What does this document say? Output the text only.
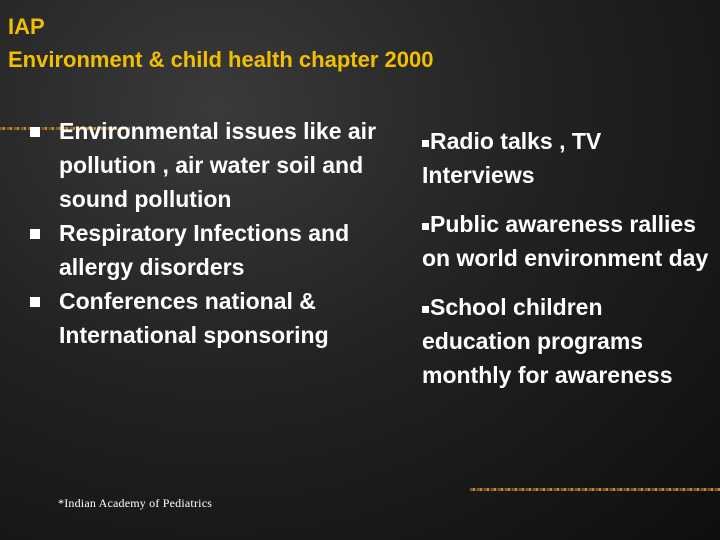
IAP
Environment & child health chapter 2000
Environmental issues like air pollution , air water soil and sound pollution
Respiratory Infections and allergy disorders
Conferences national & International sponsoring
Radio talks , TV Interviews
Public awareness rallies on world environment day
School children education programs monthly for awareness
*Indian Academy of Pediatrics
